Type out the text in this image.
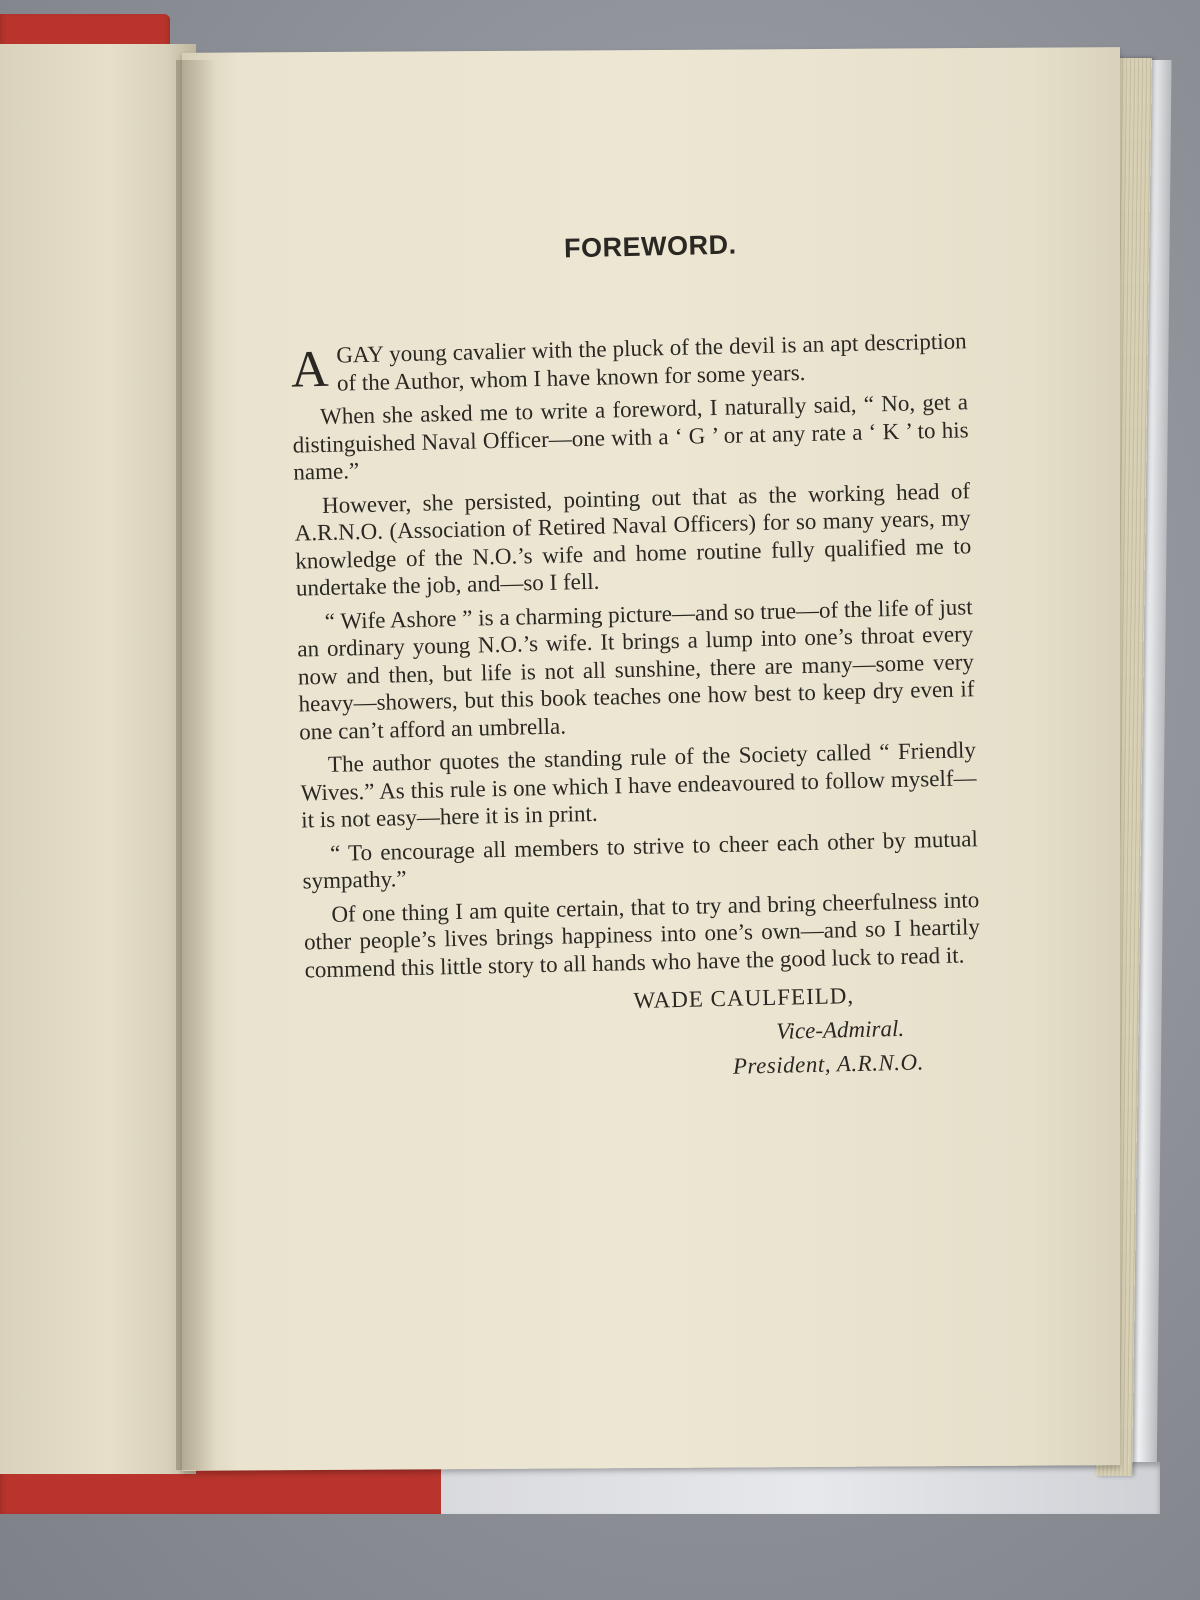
FOREWORD.

A GAY young cavalier with the pluck of the devil is an apt description of the Author, whom I have known for some years.

When she asked me to write a foreword, I naturally said, “ No, get a distinguished Naval Officer—one with a ‘ G ’ or at any rate a ‘ K ’ to his name.”

However, she persisted, pointing out that as the working head of A.R.N.O. (Association of Retired Naval Officers) for so many years, my knowledge of the N.O.’s wife and home routine fully qualified me to undertake the job, and—so I fell.

“ Wife Ashore ” is a charming picture—and so true—of the life of just an ordinary young N.O.’s wife. It brings a lump into one’s throat every now and then, but life is not all sunshine, there are many—some very heavy—showers, but this book teaches one how best to keep dry even if one can’t afford an umbrella.

The author quotes the standing rule of the Society called “ Friendly Wives.” As this rule is one which I have endeavoured to follow myself—it is not easy—here it is in print.

“ To encourage all members to strive to cheer each other by mutual sympathy.”

Of one thing I am quite certain, that to try and bring cheerfulness into other people’s lives brings happiness into one’s own—and so I heartily commend this little story to all hands who have the good luck to read it.

WADE CAULFEILD,
Vice-Admiral.
President, A.R.N.O.
